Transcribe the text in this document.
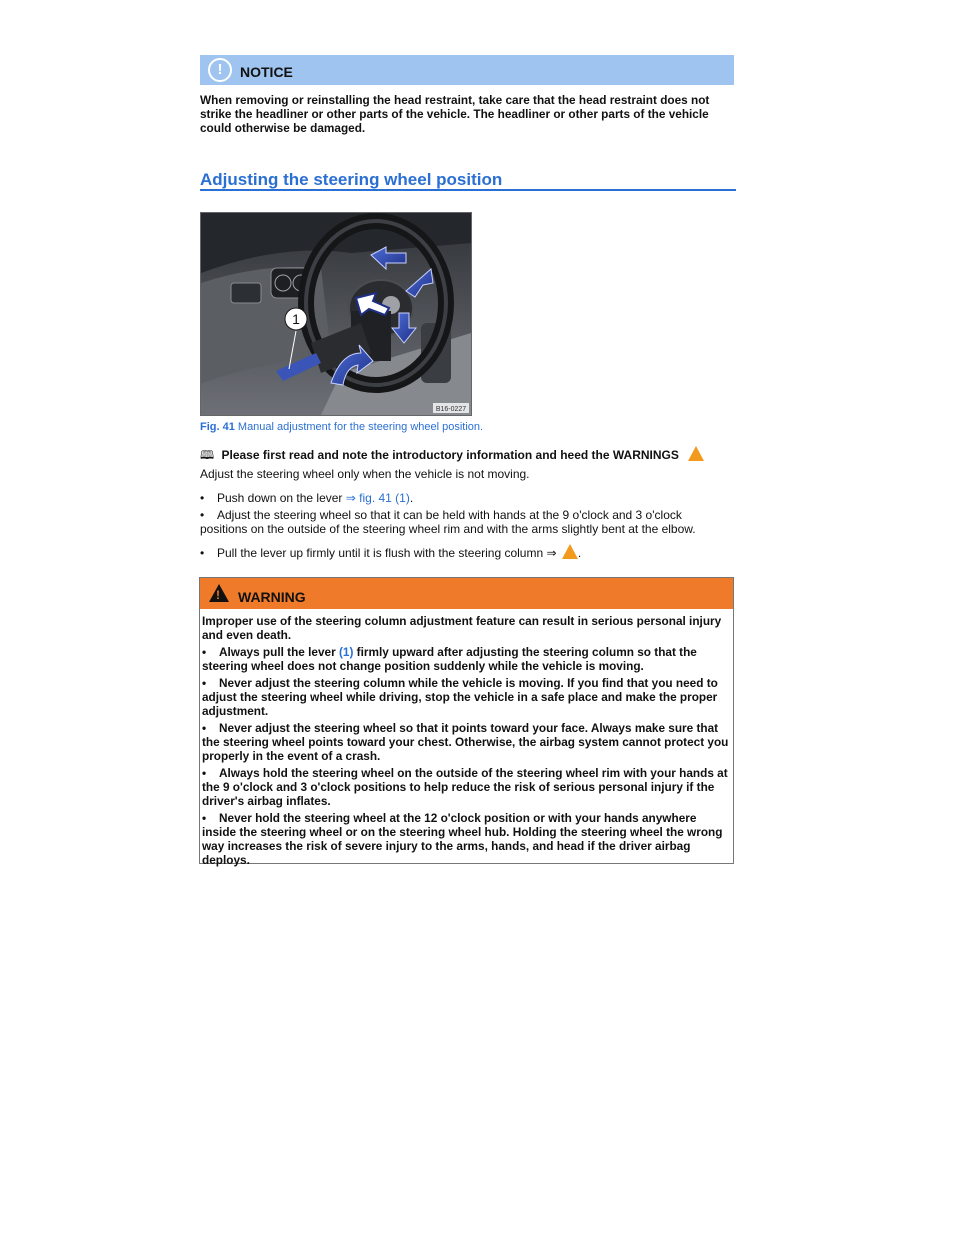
!	NOTICE
When removing or reinstalling the head restraint, take care that the head restraint does not strike the headliner or other parts of the vehicle. The headliner or other parts of the vehicle could otherwise be damaged.
Adjusting the steering wheel position
1
B16-0227
Fig. 41 Manual adjustment for the steering wheel position.
🕮 Please first read and note the introductory information and heed the WARNINGS
Adjust the steering wheel only when the vehicle is not moving.
• Push down on the lever ⇒ fig. 41 (1).
• Adjust the steering wheel so that it can be held with hands at the 9 o'clock and 3 o'clock positions on the outside of the steering wheel rim and with the arms slightly bent at the elbow.
• Pull the lever up firmly until it is flush with the steering column ⇒ .
!
WARNING
Improper use of the steering column adjustment feature can result in serious personal injury and even death.
• Always pull the lever (1) firmly upward after adjusting the steering column so that the steering wheel does not change position suddenly while the vehicle is moving.
• Never adjust the steering column while the vehicle is moving. If you find that you need to adjust the steering wheel while driving, stop the vehicle in a safe place and make the proper adjustment.
• Never adjust the steering wheel so that it points toward your face. Always make sure that the steering wheel points toward your chest. Otherwise, the airbag system cannot protect you properly in the event of a crash.
• Always hold the steering wheel on the outside of the steering wheel rim with your hands at the 9 o'clock and 3 o'clock positions to help reduce the risk of serious personal injury if the driver's airbag inflates.
• Never hold the steering wheel at the 12 o'clock position or with your hands anywhere inside the steering wheel or on the steering wheel hub. Holding the steering wheel the wrong way increases the risk of severe injury to the arms, hands, and head if the driver airbag deploys.
